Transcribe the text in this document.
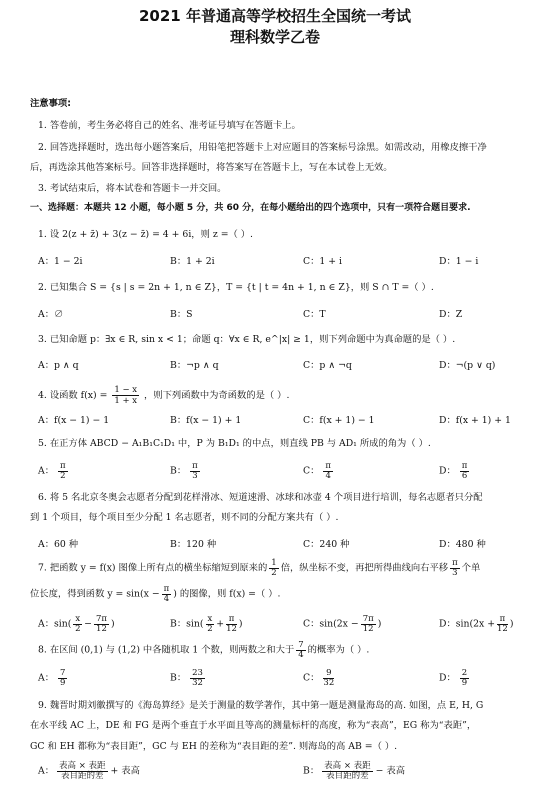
2021 年普通高等学校招生全国统一考试
理科数学乙卷
注意事项:
1. 答卷前，考生务必将自己的姓名、准考证号填写在答题卡上。
2. 回答选择题时，选出每小题答案后，用铅笔把答题卡上对应题目的答案标号涂黑。如需改动，用橡皮擦干净
后，再选涂其他答案标号。回答非选择题时，将答案写在答题卡上，写在本试卷上无效。
3. 考试结束后，将本试卷和答题卡一并交回。
一、选择题：本题共 12 小题，每小题 5 分，共 60 分，在每小题给出的四个选项中，只有一项符合题目要求.
1. 设 2(z + z̄) + 3(z − z̄) = 4 + 6i，则 z =（ ）.
A：1 − 2i	B：1 + 2i	C：1 + i	D：1 − i
2. 已知集合 S = {s | s = 2n + 1, n ∈ Z}，T = {t | t = 4n + 1, n ∈ Z}，则 S ∩ T =（ ）.
A：∅	B：S	C：T	D：Z
3. 已知命题 p：∃x ∈ R, sin x < 1；命题 q：∀x ∈ R, e^|x| ≥ 1，则下列命题中为真命题的是（ ）.
A：p ∧ q	B：¬p ∧ q	C：p ∧ ¬q	D：¬(p ∨ q)
4. 设函数 $f(x) = \frac{1 - x}{1 + x}$ ，则下列函数中为奇函数的是（ ）.
A：f(x − 1) − 1	B：f(x − 1) + 1	C：f(x + 1) − 1	D：f(x + 1) + 1
5. 在正方体 ABCD − A₁B₁C₁D₁ 中，P 为 B₁D₁ 的中点，则直线 PB 与 AD₁ 所成的角为（ ）.
A： $\frac{\pi}{2}$	B： $\frac{\pi}{3}$	C： $\frac{\pi}{4}$	D： $\frac{\pi}{6}$
6. 将 5 名北京冬奥会志愿者分配到花样滑冰、短道速滑、冰球和冰壶 4 个项目进行培训，每名志愿者只分配
到 1 个项目，每个项目至少分配 1 名志愿者，则不同的分配方案共有（ ）.
A：60 种	B：120 种	C：240 种	D：480 种
7. 把函数 y = f(x) 图像上所有点的横坐标缩短到原来的 $\frac{1}{2}$ 倍，纵坐标不变，再把所得曲线向右平移 $\frac{\pi}{3}$ 个单
位长度，得到函数 $y = \sin(x - \frac{\pi}{4}$ ) 的图像，则 f(x) =（ ）.
A：$\sin( \frac{x}{2} - \frac{7\pi}{12}$ )	B：$\sin( \frac{x}{2} + \frac{\pi}{12}$ )	C：$\sin(2x - \frac{7\pi}{12}$ )	D：$\sin(2x + \frac{\pi}{12}$ )
8. 在区间 (0,1) 与 (1,2) 中各随机取 1 个数，则两数之和大于 $\frac{7}{4}$ 的概率为（ ）.
A： $\frac{7}{9}$	B： $\frac{23}{32}$	C： $\frac{9}{32}$	D： $\frac{2}{9}$
9. 魏晋时期刘徽撰写的《海岛算经》是关于测量的数学著作，其中第一题是测量海岛的高. 如图，点 E, H, G
在水平线 AC 上，DE 和 FG 是两个垂直于水平面且等高的测量标杆的高度，称为“表高”，EG 称为“表距”，
GC 和 EH 都称为“表目距”，GC 与 EH 的差称为“表目距的差”. 则海岛的高 AB =（ ）.
A： 表高 × 表距
表目距的差 + 表高	B： 表高 × 表距
表目距的差 − 表高
